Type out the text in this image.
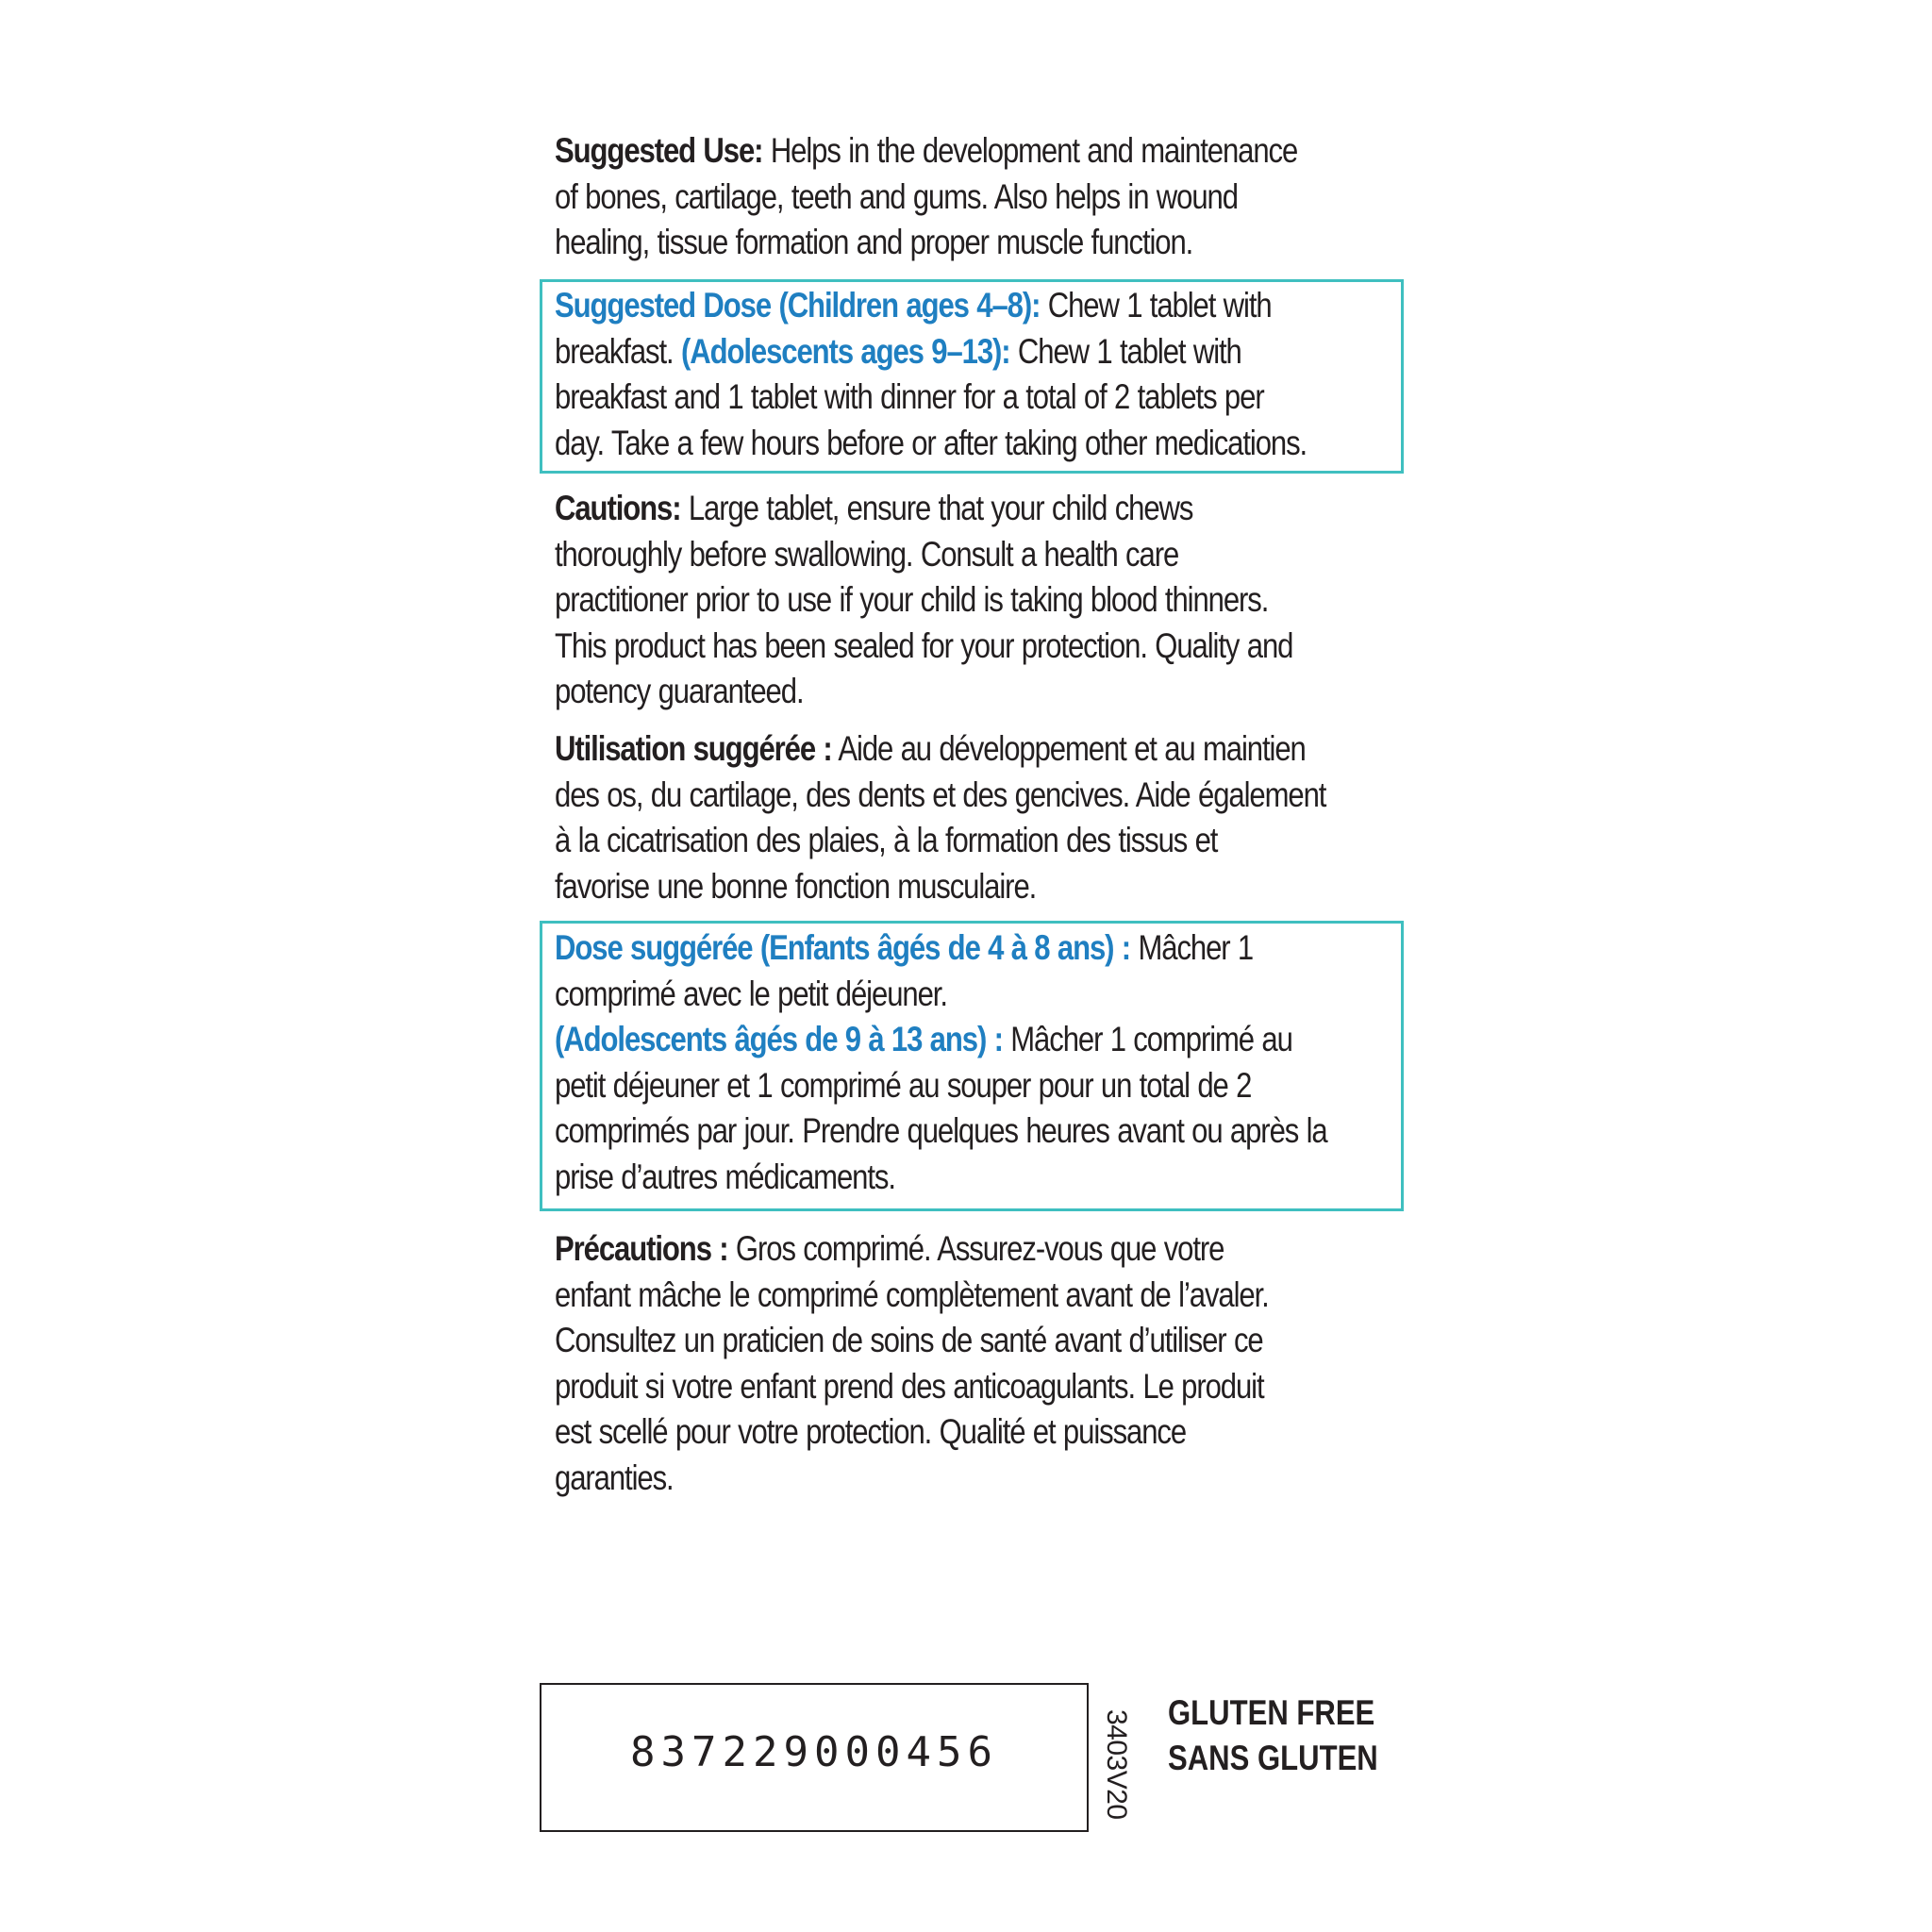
Suggested Use: Helps in the development and maintenance
of bones, cartilage, teeth and gums. Also helps in wound
healing, tissue formation and proper muscle function.
Suggested Dose (Children ages 4–8): Chew 1 tablet with
breakfast. (Adolescents ages 9–13): Chew 1 tablet with
breakfast and 1 tablet with dinner for a total of 2 tablets per
day. Take a few hours before or after taking other medications.
Cautions: Large tablet, ensure that your child chews
thoroughly before swallowing. Consult a health care
practitioner prior to use if your child is taking blood thinners.
This product has been sealed for your protection. Quality and
potency guaranteed.
Utilisation suggérée : Aide au développement et au maintien
des os, du cartilage, des dents et des gencives. Aide également
à la cicatrisation des plaies, à la formation des tissus et
favorise une bonne fonction musculaire.
Dose suggérée (Enfants âgés de 4 à 8 ans) : Mâcher 1
comprimé avec le petit déjeuner.
(Adolescents âgés de 9 à 13 ans) : Mâcher 1 comprimé au
petit déjeuner et 1 comprimé au souper pour un total de 2
comprimés par jour. Prendre quelques heures avant ou après la
prise d’autres médicaments.
Précautions : Gros comprimé. Assurez-vous que votre
enfant mâche le comprimé complètement avant de l’avaler.
Consultez un praticien de soins de santé avant d’utiliser ce
produit si votre enfant prend des anticoagulants. Le produit
est scellé pour votre protection. Qualité et puissance
garanties.
837229000456	3403V20 GLUTEN FREE
SANS GLUTEN
